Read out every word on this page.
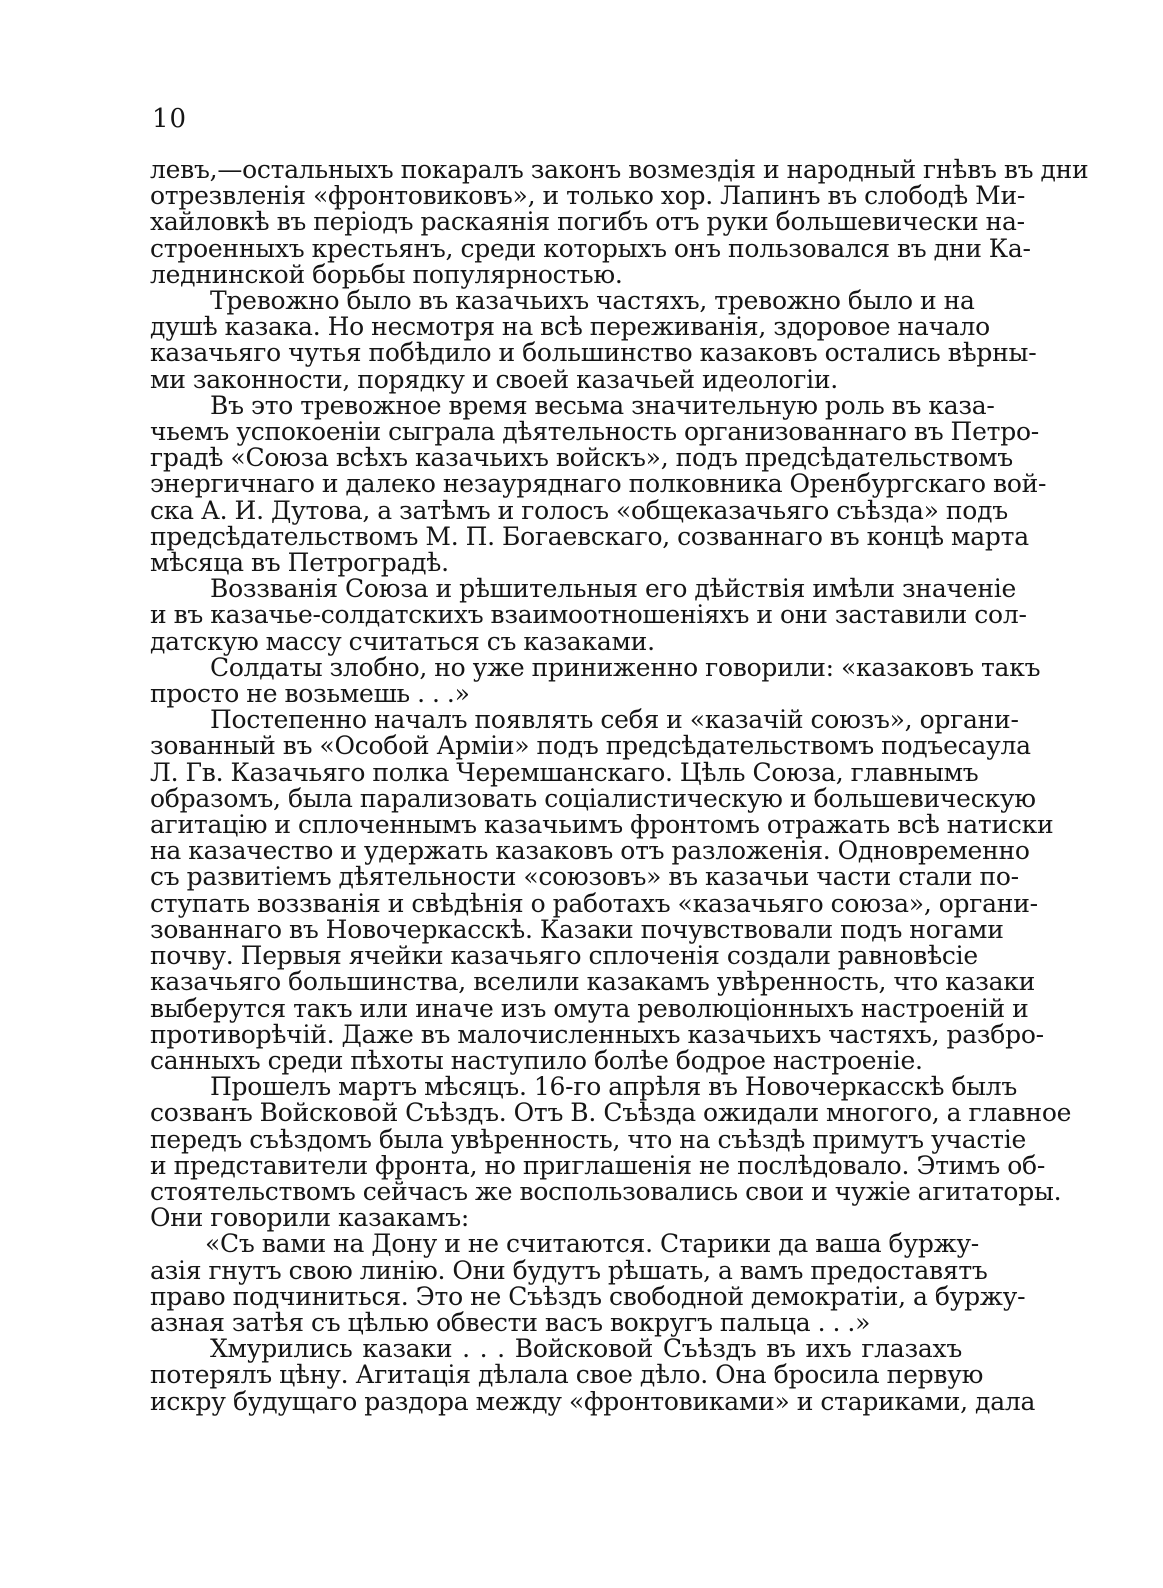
10
левъ,—остальныхъ покаралъ законъ возмездія и народный гнѣвъ въ дни
отрезвленія «фронтовиковъ», и только хор. Лапинъ въ слободѣ Ми-
хайловкѣ въ періодъ раскаянія погибъ отъ руки большевически на-
строенныхъ крестьянъ, среди которыхъ онъ пользовался въ дни Ка-
леднинской борьбы популярностью.
Тревожно было въ казачьихъ частяхъ, тревожно было и на
душѣ казака. Но несмотря на всѣ переживанія, здоровое начало
казачьяго чутья побѣдило и большинство казаковъ остались вѣрны-
ми законности, порядку и своей казачьей идеологіи.
Въ это тревожное время весьма значительную роль въ каза-
чьемъ успокоеніи сыграла дѣятельность организованнаго въ Петро-
градѣ «Союза всѣхъ казачьихъ войскъ», подъ предсѣдательствомъ
энергичнаго и далеко незауряднаго полковника Оренбургскаго вой-
ска А. И. Дутова, а затѣмъ и голосъ «общеказачьяго съѣзда» подъ
предсѣдательствомъ М. П. Богаевскаго, созваннаго въ концѣ марта
мѣсяца въ Петроградѣ.
Воззванія Союза и рѣшительныя его дѣйствія имѣли значеніе
и въ казачье-солдатскихъ взаимоотношеніяхъ и они заставили сол-
датскую массу считаться съ казаками.
Солдаты злобно, но уже приниженно говорили: «казаковъ такъ
просто не возьмешь . . .»
Постепенно началъ появлять себя и «казачій союзъ», органи-
зованный въ «Особой Арміи» подъ предсѣдательствомъ подъесаула
Л. Гв. Казачьяго полка Черемшанскаго. Цѣль Союза, главнымъ
образомъ, была парализовать соціалистическую и большевическую
агитацію и сплоченнымъ казачьимъ фронтомъ отражать всѣ натиски
на казачество и удержать казаковъ отъ разложенія. Одновременно
съ развитіемъ дѣятельности «союзовъ» въ казачьи части стали по-
ступать воззванія и свѣдѣнія о работахъ «казачьяго союза», органи-
зованнаго въ Новочеркасскѣ. Казаки почувствовали подъ ногами
почву. Первыя ячейки казачьяго сплоченія создали равновѣсіе
казачьяго большинства, вселили казакамъ увѣренность, что казаки
выберутся такъ или иначе изъ омута революціонныхъ настроеній и
противорѣчій. Даже въ малочисленныхъ казачьихъ частяхъ, разбро-
санныхъ среди пѣхоты наступило болѣе бодрое настроеніе.
Прошелъ мартъ мѣсяцъ. 16-го апрѣля въ Новочеркасскѣ былъ
созванъ Войсковой Съѣздъ. Отъ В. Съѣзда ожидали многого, а главное
передъ съѣздомъ была увѣренность, что на съѣздѣ примутъ участіе
и представители фронта, но приглашенія не послѣдовало. Этимъ об-
стоятельствомъ сейчасъ же воспользовались свои и чужіе агитаторы.
Они говорили казакамъ:
«Съ вами на Дону и не считаются. Старики да ваша буржу-
азія гнутъ свою линію. Они будутъ рѣшать, а вамъ предоставятъ
право подчиниться. Это не Съѣздъ свободной демократіи, а буржу-
азная затѣя съ цѣлью обвести васъ вокругъ пальца . . .»
Хмурились казаки . . . Войсковой Съѣздъ въ ихъ глазахъ
потерялъ цѣну. Агитація дѣлала свое дѣло. Она бросила первую
искру будущаго раздора между «фронтовиками» и стариками, дала
